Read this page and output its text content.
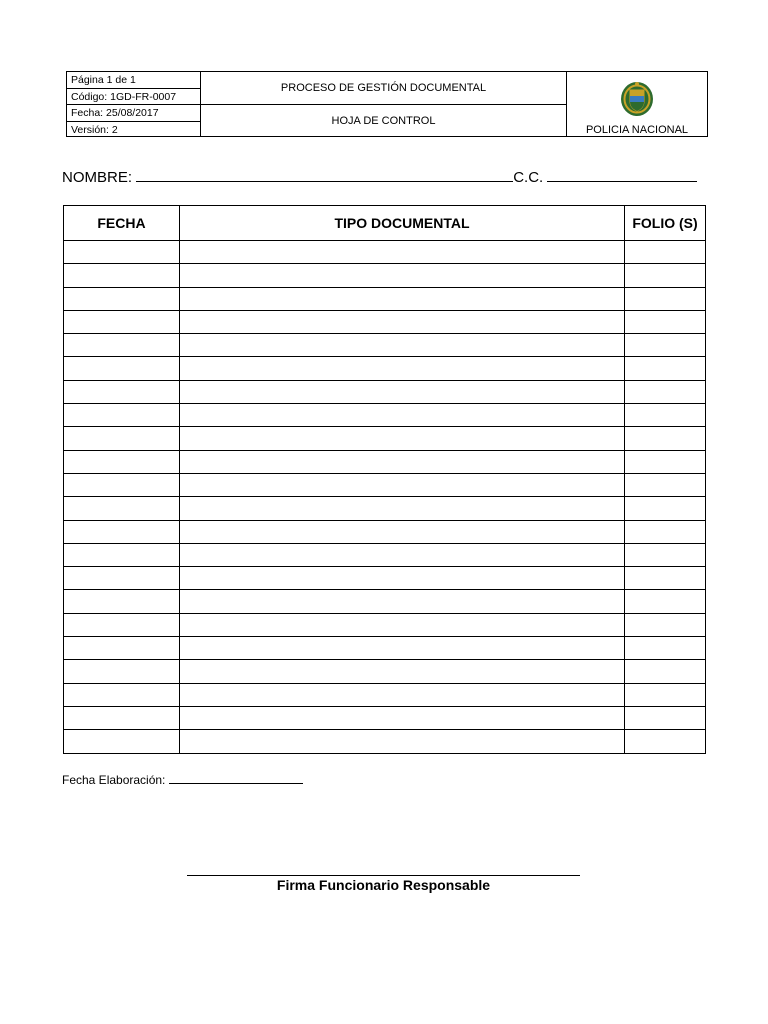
Página 1 de 1
Código: 1GD-FR-0007
Fecha: 25/08/2017
Versión: 2
PROCESO DE GESTIÓN DOCUMENTAL
HOJA DE CONTROL
POLICIA NACIONAL
NOMBRE:	C.C.
FECHA	TIPO DOCUMENTAL	FOLIO (S)

Fecha Elaboración:
Firma Funcionario Responsable
